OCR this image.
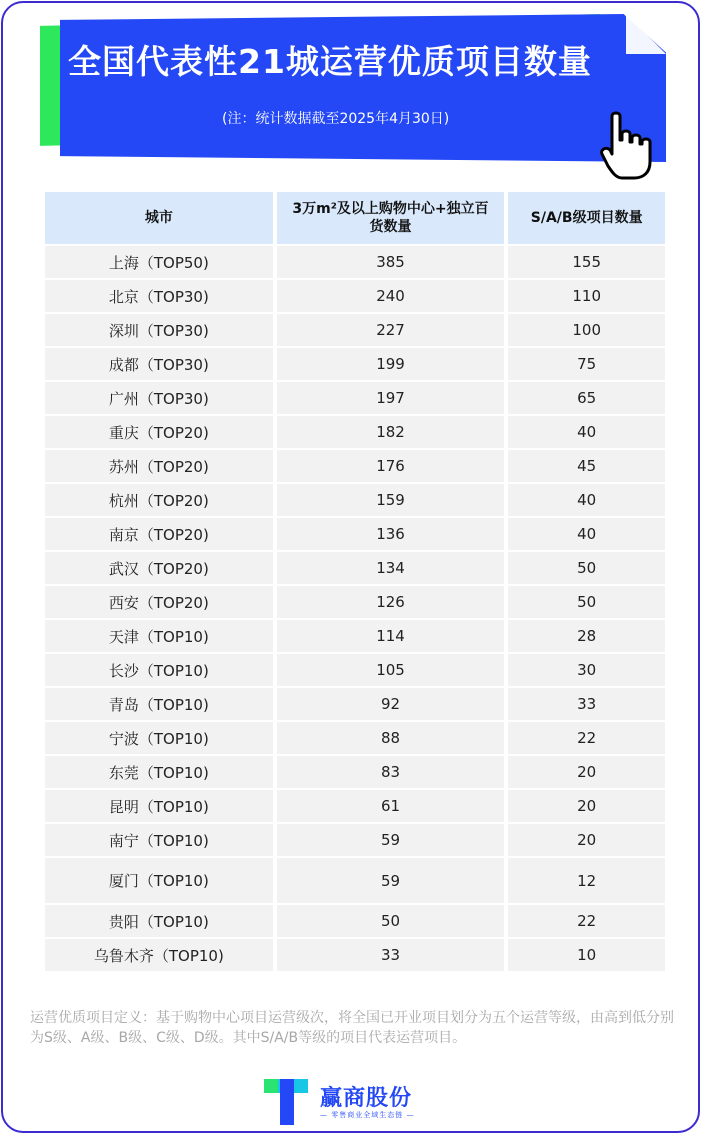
全国代表性21城运营优质项目数量
(注：统计数据截至2025年4月30日)
城市	3万m²及以上购物中心+独立百货数量	S/A/B级项目数量
上海（TOP50)	385	155
北京（TOP30)	240	110
深圳（TOP30)	227	100
成都（TOP30)	199	75
广州（TOP30)	197	65
重庆（TOP20)	182	40
苏州（TOP20)	176	45
杭州（TOP20)	159	40
南京（TOP20)	136	40
武汉（TOP20)	134	50
西安（TOP20)	126	50
天津（TOP10)	114	28
长沙（TOP10)	105	30
青岛（TOP10)	92	33
宁波（TOP10)	88	22
东莞（TOP10)	83	20
昆明（TOP10)	61	20
南宁（TOP10)	59	20
厦门（TOP10)	59	12
贵阳（TOP10)	50	22
乌鲁木齐（TOP10)	33	10
运营优质项目定义：基于购物中心项目运营级次，将全国已开业项目划分为五个运营等级，由高到低分别为S级、A级、B级、C级、D级。其中S/A/B等级的项目代表运营项目。
赢商股份
— 零售商业全域生态链 —
